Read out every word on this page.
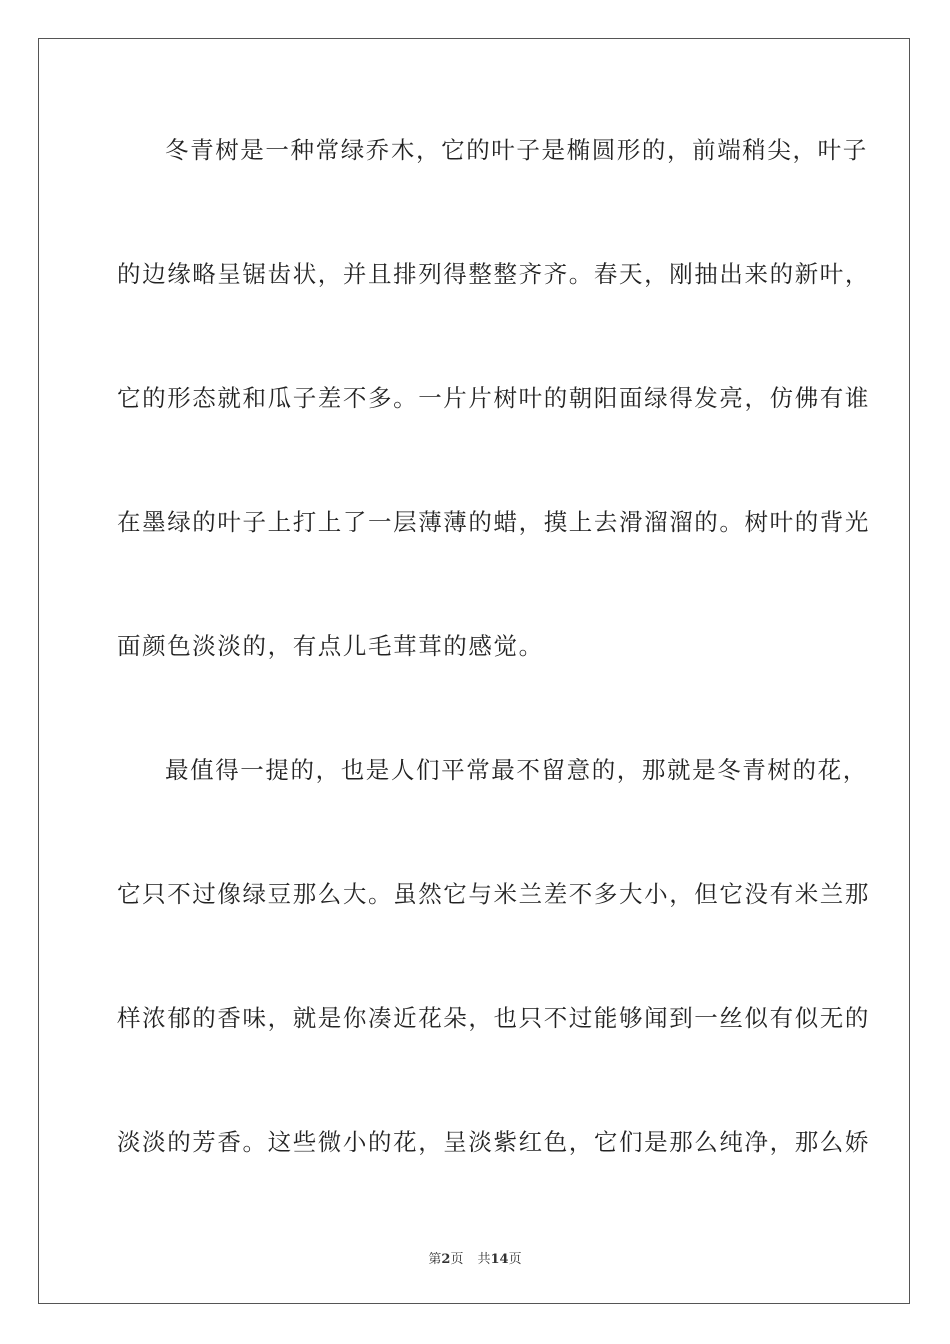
冬青树是一种常绿乔木，它的叶子是椭圆形的，前端稍尖，叶子
的边缘略呈锯齿状，并且排列得整整齐齐。春天，刚抽出来的新叶，
它的形态就和瓜子差不多。一片片树叶的朝阳面绿得发亮，仿佛有谁
在墨绿的叶子上打上了一层薄薄的蜡，摸上去滑溜溜的。树叶的背光
面颜色淡淡的，有点儿毛茸茸的感觉。
最值得一提的，也是人们平常最不留意的，那就是冬青树的花，
它只不过像绿豆那么大。虽然它与米兰差不多大小，但它没有米兰那
样浓郁的香味，就是你凑近花朵，也只不过能够闻到一丝似有似无的
淡淡的芳香。这些微小的花，呈淡紫红色，它们是那么纯净，那么娇
第2页 共14页
